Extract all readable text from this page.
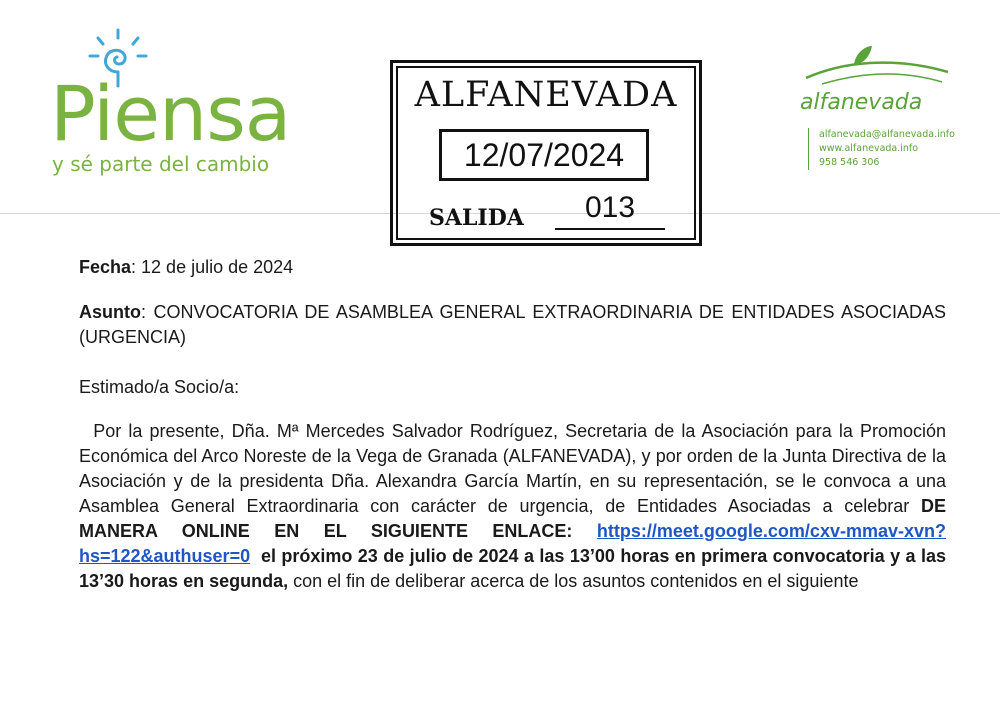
Piensa
y sé parte del cambio
ALFANEVADA
12/07/2024
SALIDA	013
alfanevada
alfanevada@alfanevada.info
www.alfanevada.info
958 546 306

Fecha: 12 de julio de 2024

Asunto: CONVOCATORIA DE ASAMBLEA GENERAL EXTRAORDINARIA DE ENTIDADES ASOCIADAS (URGENCIA)

Estimado/a Socio/a:

Por la presente, Dña. Mª Mercedes Salvador Rodríguez, Secretaria de la Asociación para la Promoción Económica del Arco Noreste de la Vega de Granada (ALFANEVADA), y por orden de la Junta Directiva de la Asociación y de la presidenta Dña. Alexandra García Martín, en su representación, se le convoca a una Asamblea General Extraordinaria con carácter de urgencia, de Entidades Asociadas a celebrar DE MANERA ONLINE EN EL SIGUIENTE ENLACE: https://meet.google.com/cxv-mmav-xvn?hs=122&authuser=0 el próximo 23 de julio de 2024 a las 13’00 horas en primera convocatoria y a las 13’30 horas en segunda, con el fin de deliberar acerca de los asuntos contenidos en el siguiente
